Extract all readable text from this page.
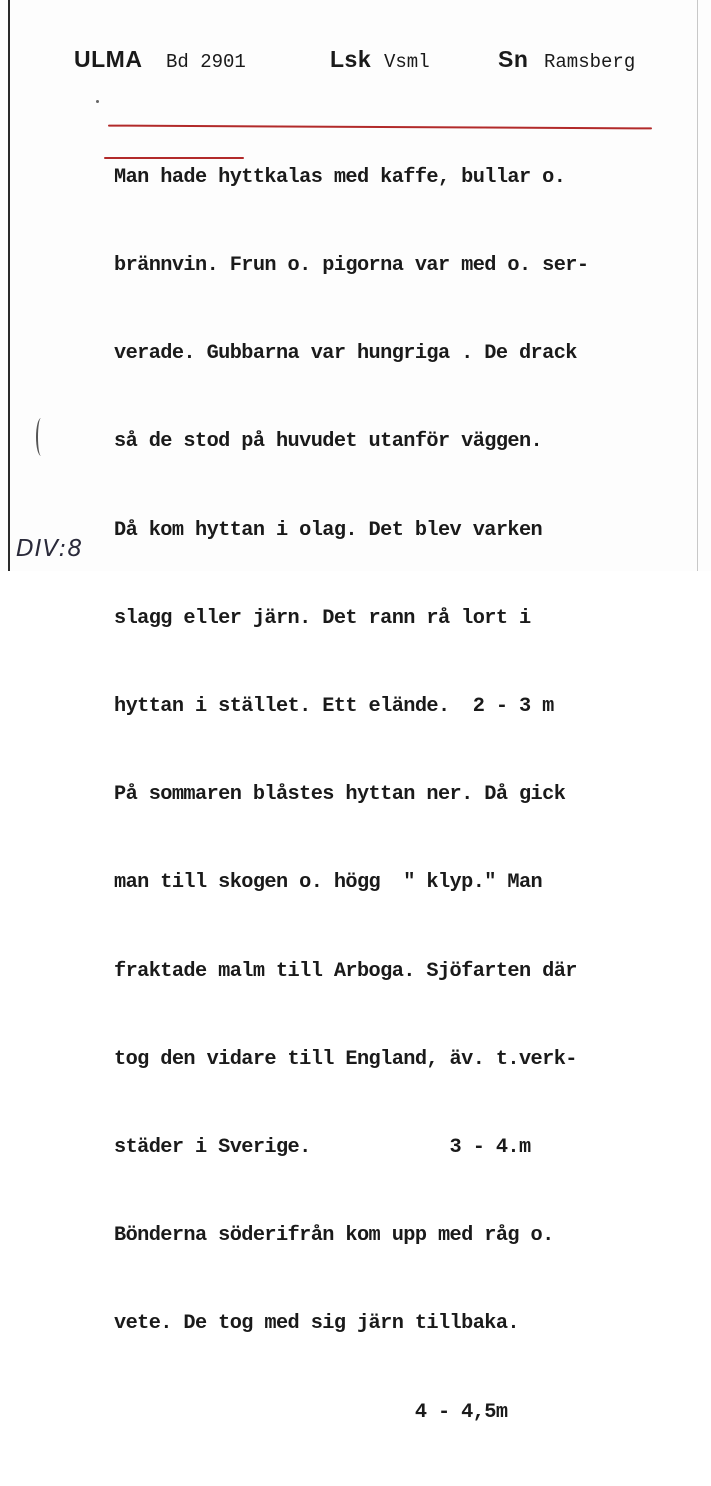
ULMA Bd 2901	Lsk Vsml	Sn Ramsberg

Man hade hyttkalas med kaffe, bullar o.

brännvin. Frun o. pigorna var med o. ser-

verade. Gubbarna var hungriga . De drack

så de stod på huvudet utanför väggen.

Då kom hyttan i olag. Det blev varken

slagg eller järn. Det rann rå lort i

hyttan i stället. Ett elände.  2 - 3 m

På sommaren blåstes hyttan ner. Då gick

man till skogen o. högg  " klyp." Man

fraktade malm till Arboga. Sjöfarten där

tog den vidare till England, äv. t.verk-

städer i Sverige.            3 - 4.m

Bönderna söderifrån kom upp med råg o.

vete. De tog med sig järn tillbaka.

4 - 4,5m

DIV:8
